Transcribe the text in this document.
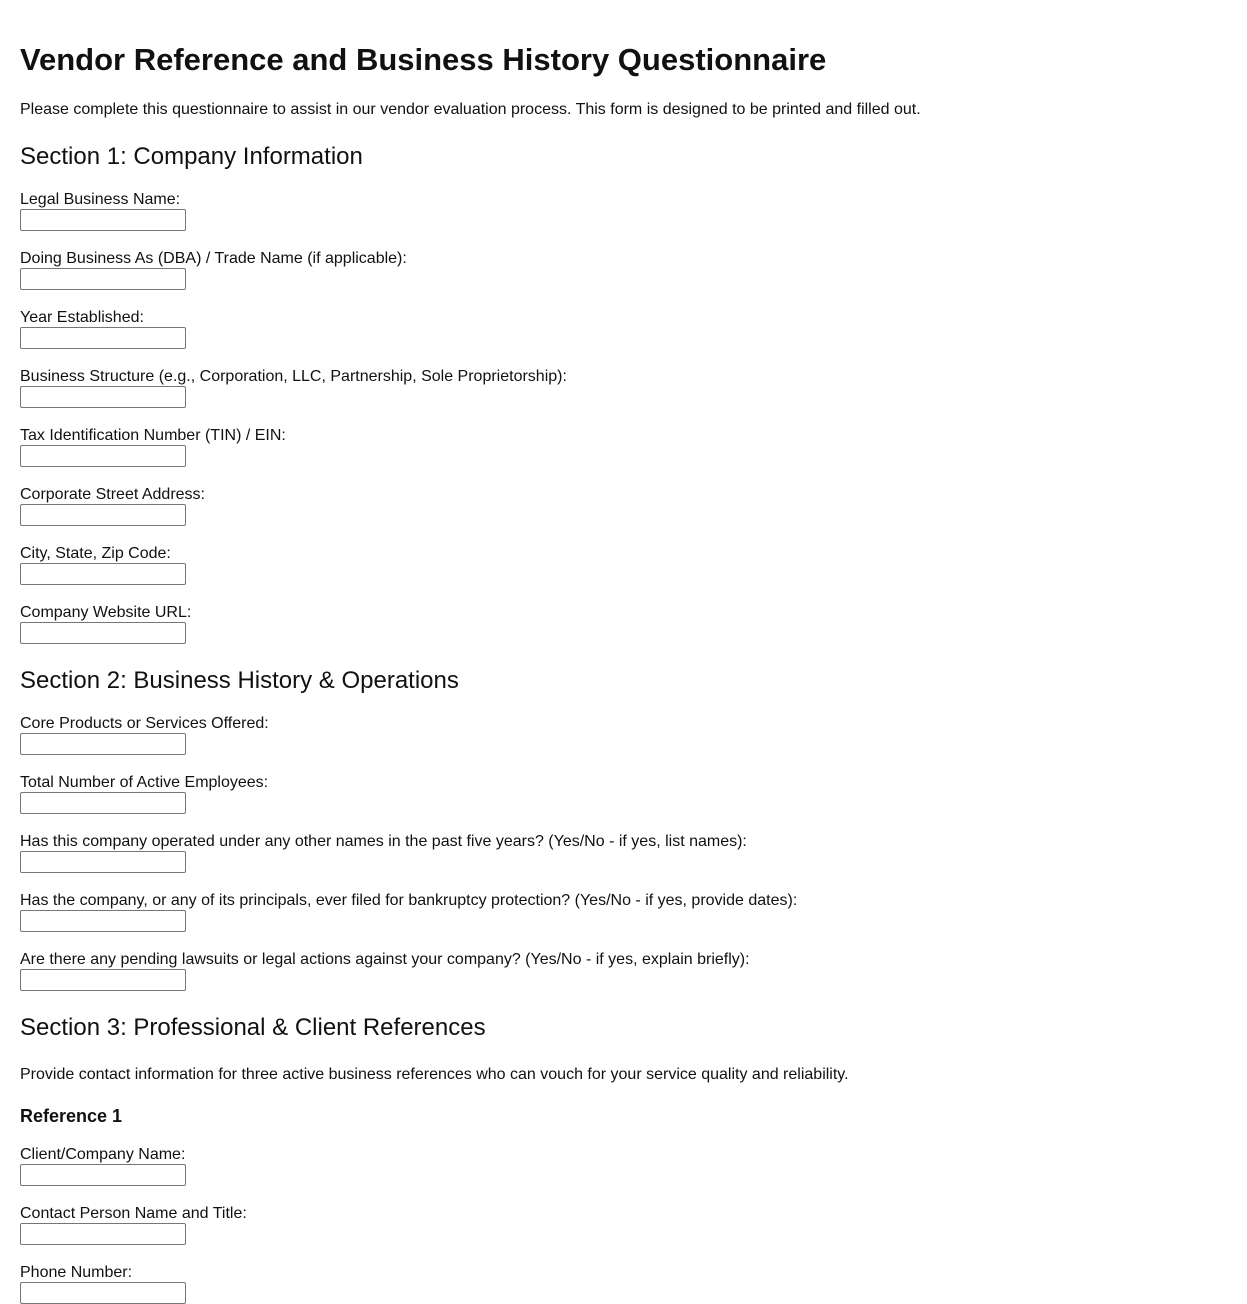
Vendor Reference and Business History Questionnaire

Please complete this questionnaire to assist in our vendor evaluation process. This form is designed to be printed and filled out.

Section 1: Company Information
Legal Business Name:
Doing Business As (DBA) / Trade Name (if applicable):
Year Established:
Business Structure (e.g., Corporation, LLC, Partnership, Sole Proprietorship):
Tax Identification Number (TIN) / EIN:
Corporate Street Address:
City, State, Zip Code:
Company Website URL:
Section 2: Business History & Operations
Core Products or Services Offered:
Total Number of Active Employees:
Has this company operated under any other names in the past five years? (Yes/No - if yes, list names):
Has the company, or any of its principals, ever filed for bankruptcy protection? (Yes/No - if yes, provide dates):
Are there any pending lawsuits or legal actions against your company? (Yes/No - if yes, explain briefly):
Section 3: Professional & Client References

Provide contact information for three active business references who can vouch for your service quality and reliability.

Reference 1
Client/Company Name:
Contact Person Name and Title:
Phone Number:
